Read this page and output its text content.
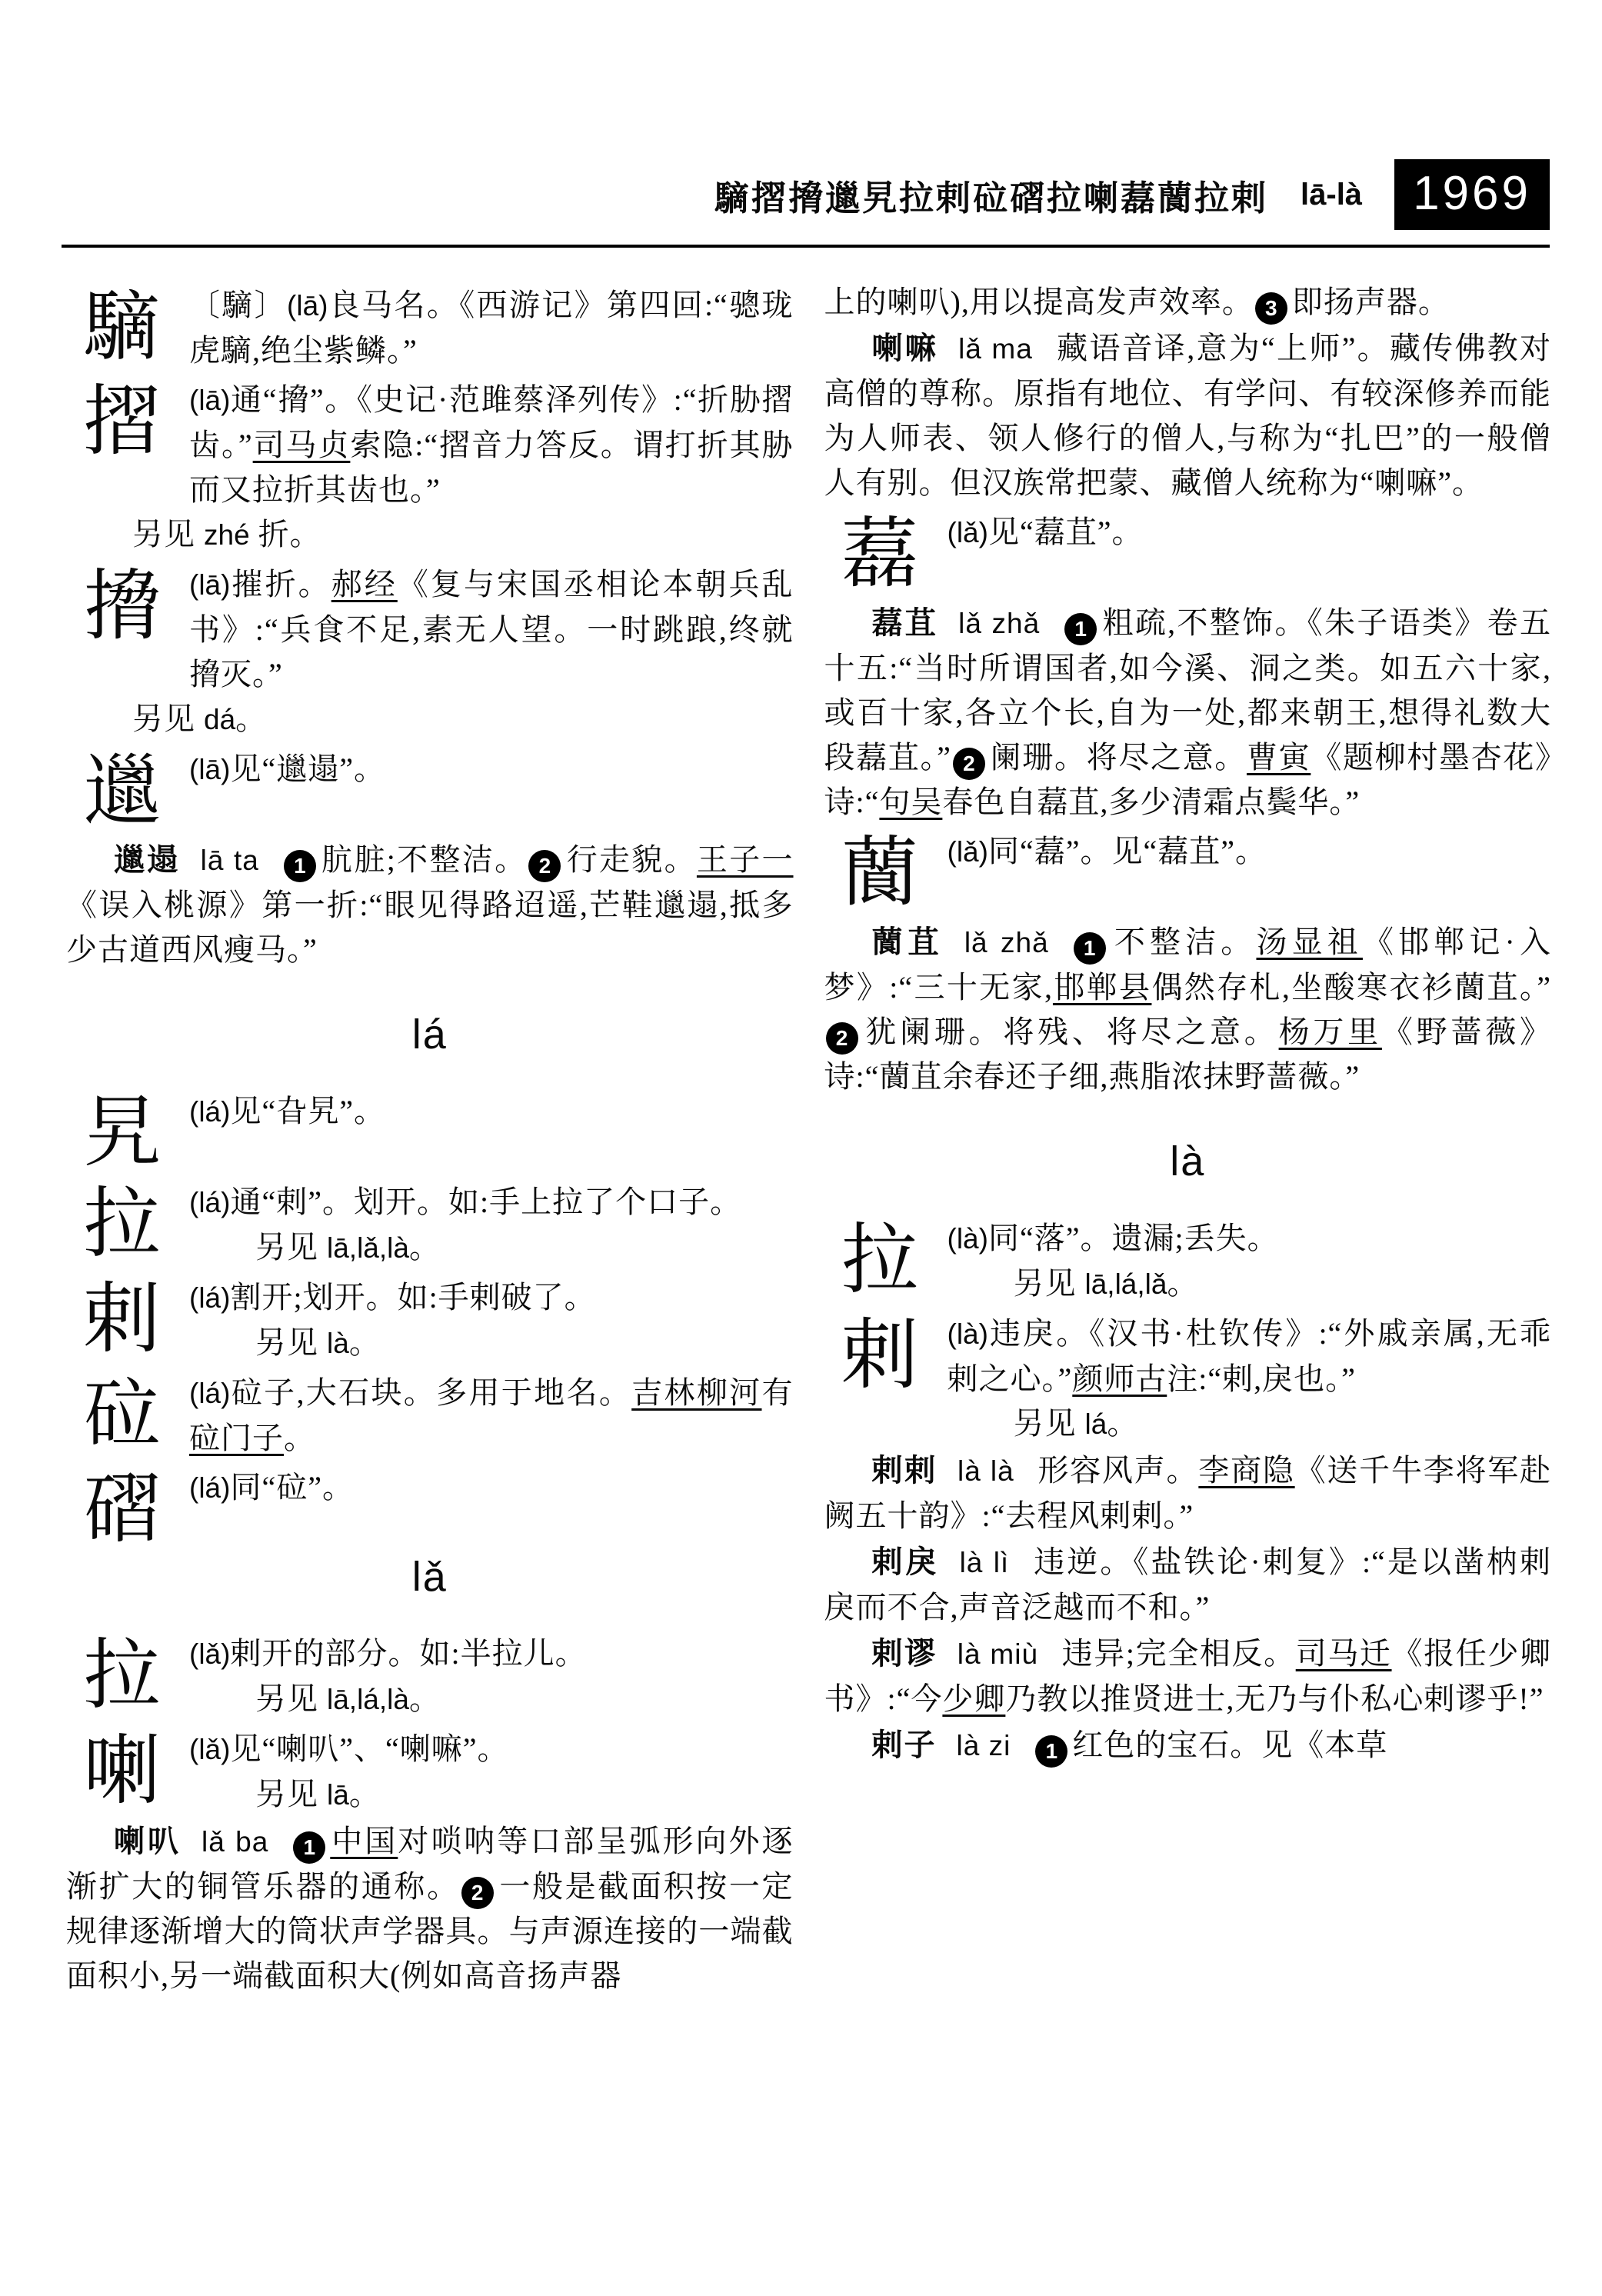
䮰摺搚邋旯拉剌砬磖拉喇藞䕞拉剌 lā-là	1969
䮰 〔䮰〕(lā)良马名。《西游记》第四回:“骢珑虎䮰,绝尘紫鳞。”
摺 (lā)通“搚”。《史记·范雎蔡泽列传》:“折胁摺齿。”司马贞索隐:“摺音力答反。谓打折其胁而又拉折其齿也。”
另见 zhé 折。
搚 (lā)摧折。郝经《复与宋国丞相论本朝兵乱书》:“兵食不足,素无人望。一时跳踉,终就搚灭。”
另见 dá。
邋 (lā)见“邋遢”。
邋遢 lā ta 1 肮脏;不整洁。 2 行走貌。王子一《误入桃源》第一折:“眼见得路迢遥,芒鞋邋遢,抵多少古道西风瘦马。”
lá
旯 (lá)见“旮旯”。
拉 (lá)通“剌”。划开。如:手上拉了个口子。
另见 lā,lǎ,là。
剌 (lá)割开;划开。如:手剌破了。
另见 là。
砬 (lá)砬子,大石块。多用于地名。吉林柳河有砬门子。
磖 (lá)同“砬”。
lǎ
拉 (lǎ)剌开的部分。如:半拉儿。
另见 lā,lá,là。
喇 (lǎ)见“喇叭”、“喇嘛”。
另见 lā。
喇叭 lǎ ba 1 中国对唢呐等口部呈弧形向外逐渐扩大的铜管乐器的通称。 2 一般是截面积按一定规律逐渐增大的筒状声学器具。与声源连接的一端截面积小,另一端截面积大(例如高音扬声器
上的喇叭),用以提高发声效率。 3 即扬声器。
喇嘛 lǎ ma 藏语音译,意为“上师”。藏传佛教对高僧的尊称。原指有地位、有学问、有较深修养而能为人师表、领人修行的僧人,与称为“扎巴”的一般僧人有别。但汉族常把蒙、藏僧人统称为“喇嘛”。
藞 (lǎ)见“藞苴”。
藞苴 lǎ zhǎ 1 粗疏,不整饰。《朱子语类》卷五十五:“当时所谓国者,如今溪、洞之类。如五六十家,或百十家,各立个长,自为一处,都来朝王,想得礼数大段藞苴。” 2 阑珊。将尽之意。曹寅《题柳村墨杏花》诗:“句吴春色自藞苴,多少清霜点鬓华。”
䕞 (lǎ)同“藞”。见“藞苴”。
䕞苴 lǎ zhǎ 1 不整洁。汤显祖《邯郸记·入梦》:“三十无家,邯郸县偶然存札,坐酸寒衣衫䕞苴。”2 犹阑珊。将残、将尽之意。杨万里《野蔷薇》诗:“䕞苴余春还子细,燕脂浓抹野蔷薇。”
là
拉 (là)同“落”。遗漏;丢失。
另见 lā,lá,lǎ。
剌 (là)违戾。《汉书·杜钦传》:“外戚亲属,无乖剌之心。”颜师古注:“剌,戾也。”
另见 lá。
剌剌 là là 形容风声。李商隐《送千牛李将军赴阙五十韵》:“去程风剌剌。”
剌戾 là lì 违逆。《盐铁论·剌复》:“是以凿枘剌戾而不合,声音泛越而不和。”
剌谬 là miù 违异;完全相反。司马迁《报任少卿书》:“今少卿乃教以推贤进士,无乃与仆私心剌谬乎!”
剌子 là zi 1 红色的宝石。见《本草
